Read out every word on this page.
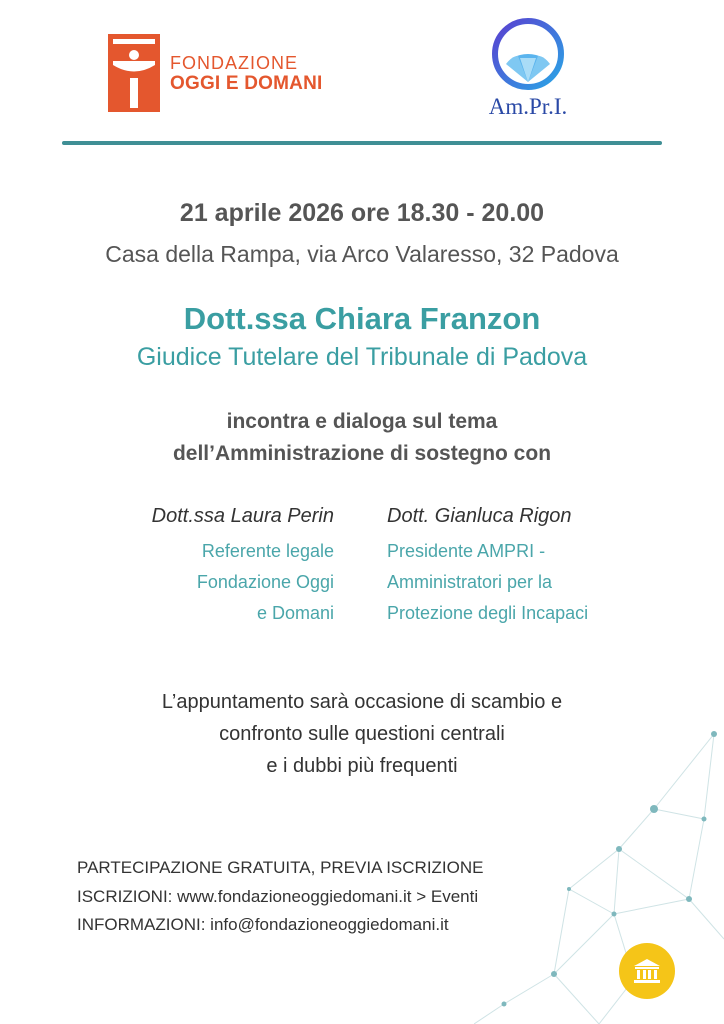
FONDAZIONE
OGGI E DOMANI
Am.Pr.I.
21 aprile 2026 ore 18.30 - 20.00
Casa della Rampa, via Arco Valaresso, 32 Padova
Dott.ssa Chiara Franzon
Giudice Tutelare del Tribunale di Padova
incontra e dialoga sul tema
dell’Amministrazione di sostegno con
Dott.ssa Laura Perin
Referente legale
Fondazione Oggi
e Domani
Dott. Gianluca Rigon
Presidente AMPRI -
Amministratori per la
Protezione degli Incapaci
L’appuntamento sarà occasione di scambio e
confronto sulle questioni centrali
e i dubbi più frequenti
PARTECIPAZIONE GRATUITA, PREVIA ISCRIZIONE
ISCRIZIONI: www.fondazioneoggiedomani.it > Eventi
INFORMAZIONI: info@fondazioneoggiedomani.it
